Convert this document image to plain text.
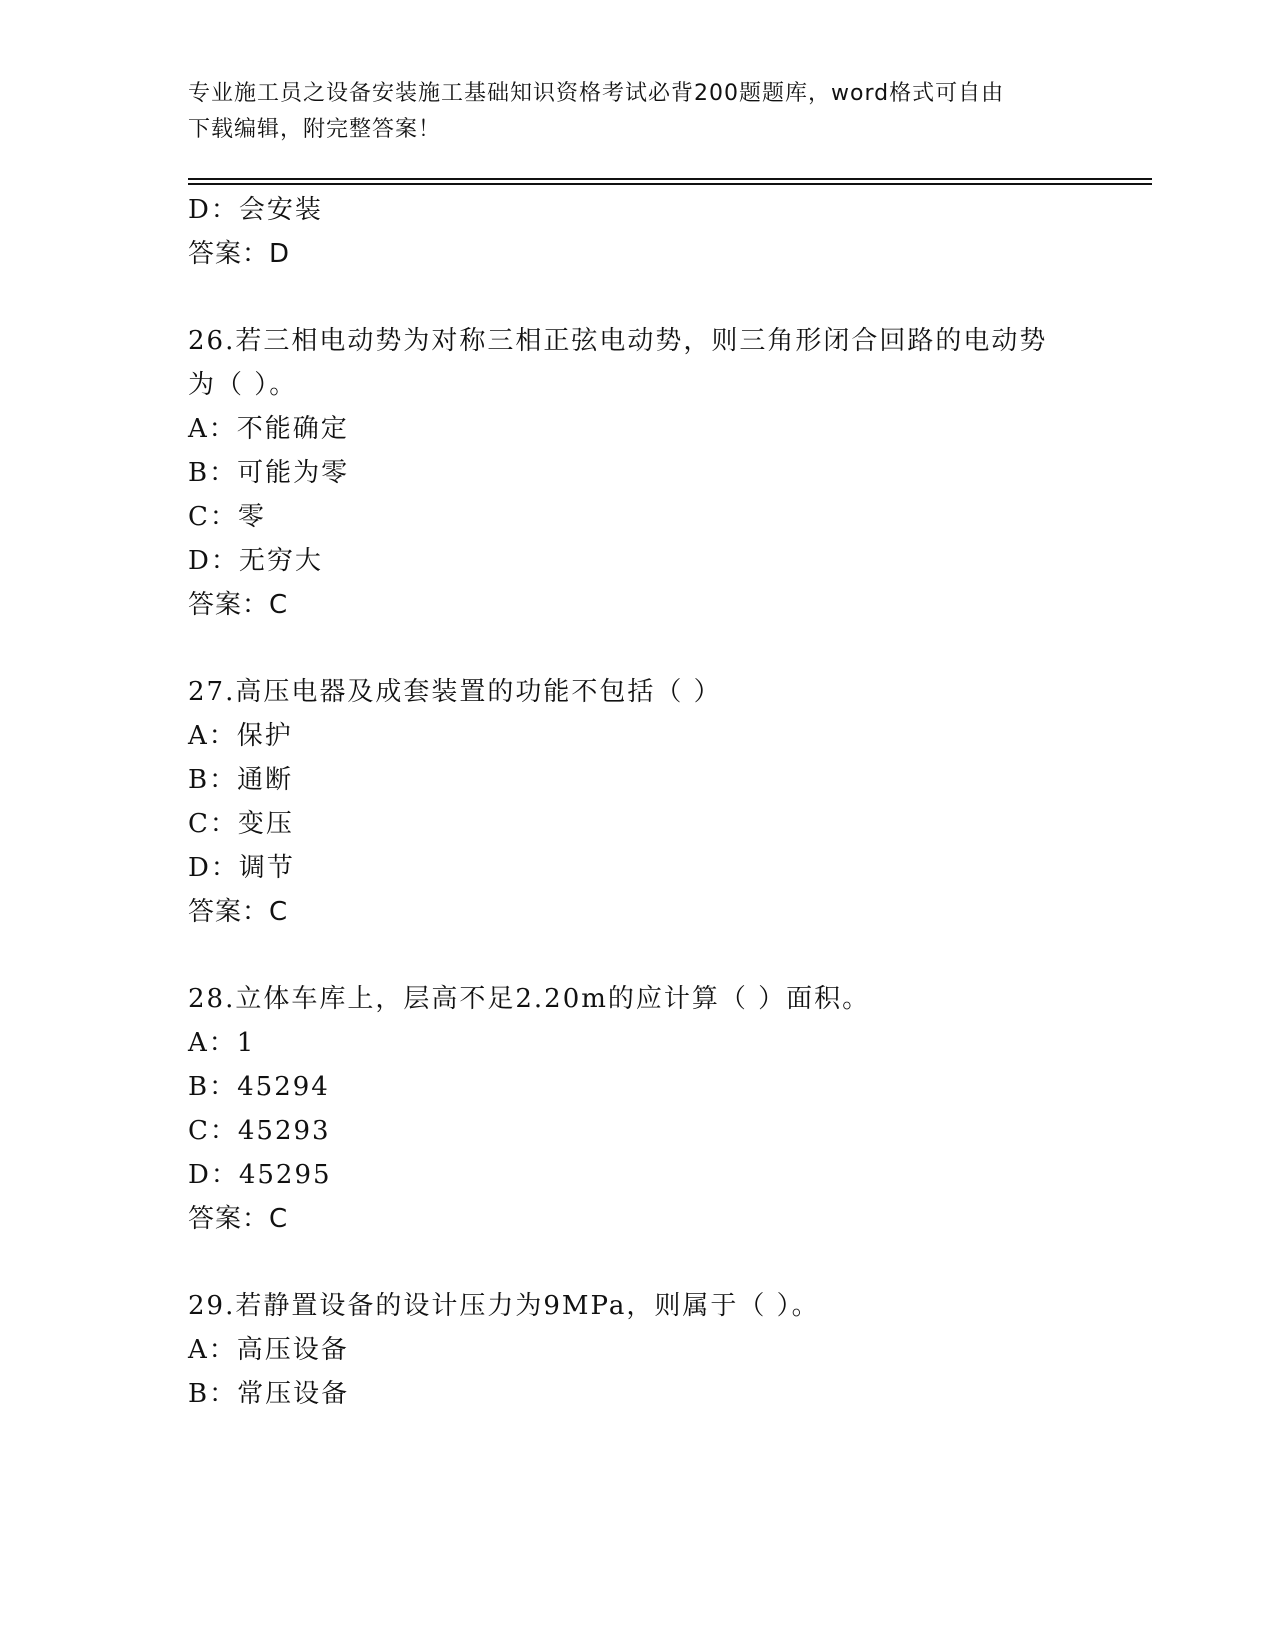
专业施工员之设备安装施工基础知识资格考试必背200题题库，word格式可自由
下载编辑，附完整答案！
D：会安装
答案：D
26.若三相电动势为对称三相正弦电动势，则三角形闭合回路的电动势
为（ ）。
A：不能确定
B：可能为零
C：零
D：无穷大
答案：C
27.高压电器及成套装置的功能不包括（ ）
A：保护
B：通断
C：变压
D：调节
答案：C
28.立体车库上，层高不足2.20m的应计算（ ）面积。
A：1
B：45294
C：45293
D：45295
答案：C
29.若静置设备的设计压力为9MPa，则属于（ ）。
A：高压设备
B：常压设备
